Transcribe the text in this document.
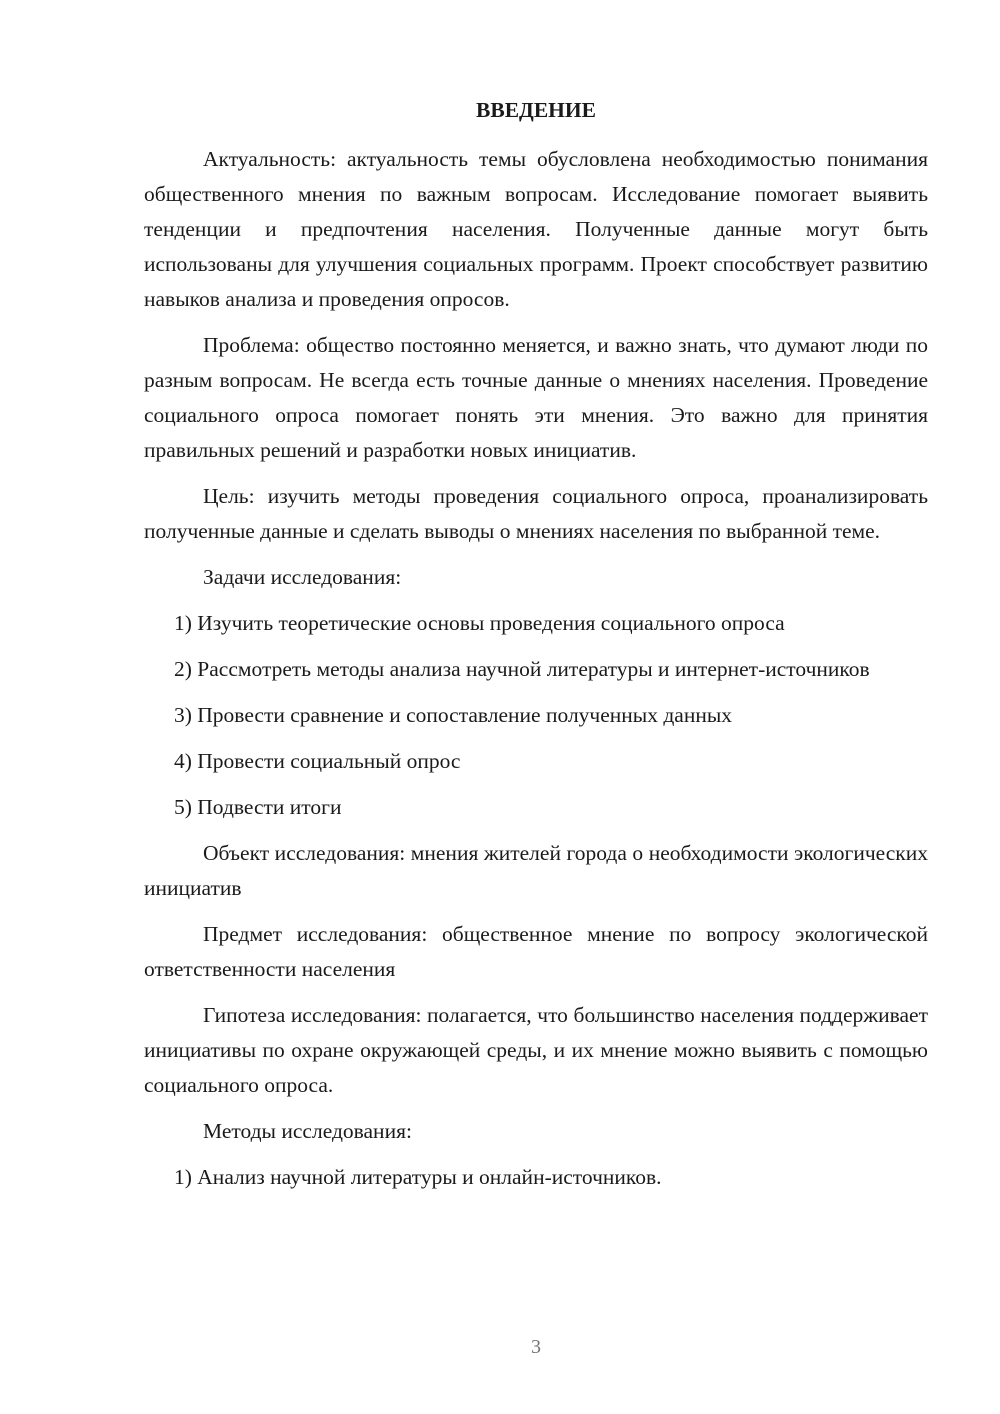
ВВЕДЕНИЕ
Актуальность: актуальность темы обусловлена необходимостью понимания общественного мнения по важным вопросам. Исследование помогает выявить тенденции и предпочтения населения. Полученные данные могут быть использованы для улучшения социальных программ. Проект способствует развитию навыков анализа и проведения опросов.
Проблема: общество постоянно меняется, и важно знать, что думают люди по разным вопросам. Не всегда есть точные данные о мнениях населения. Проведение социального опроса помогает понять эти мнения. Это важно для принятия правильных решений и разработки новых инициатив.
Цель: изучить методы проведения социального опроса, проанализировать полученные данные и сделать выводы о мнениях населения по выбранной теме.
Задачи исследования:
1) Изучить теоретические основы проведения социального опроса
2) Рассмотреть методы анализа научной литературы и интернет-источников
3) Провести сравнение и сопоставление полученных данных
4) Провести социальный опрос
5) Подвести итоги
Объект исследования: мнения жителей города о необходимости экологических инициатив
Предмет исследования: общественное мнение по вопросу экологической ответственности населения
Гипотеза исследования: полагается, что большинство населения поддерживает инициативы по охране окружающей среды, и их мнение можно выявить с помощью социального опроса.
Методы исследования:
1) Анализ научной литературы и онлайн-источников.
3
